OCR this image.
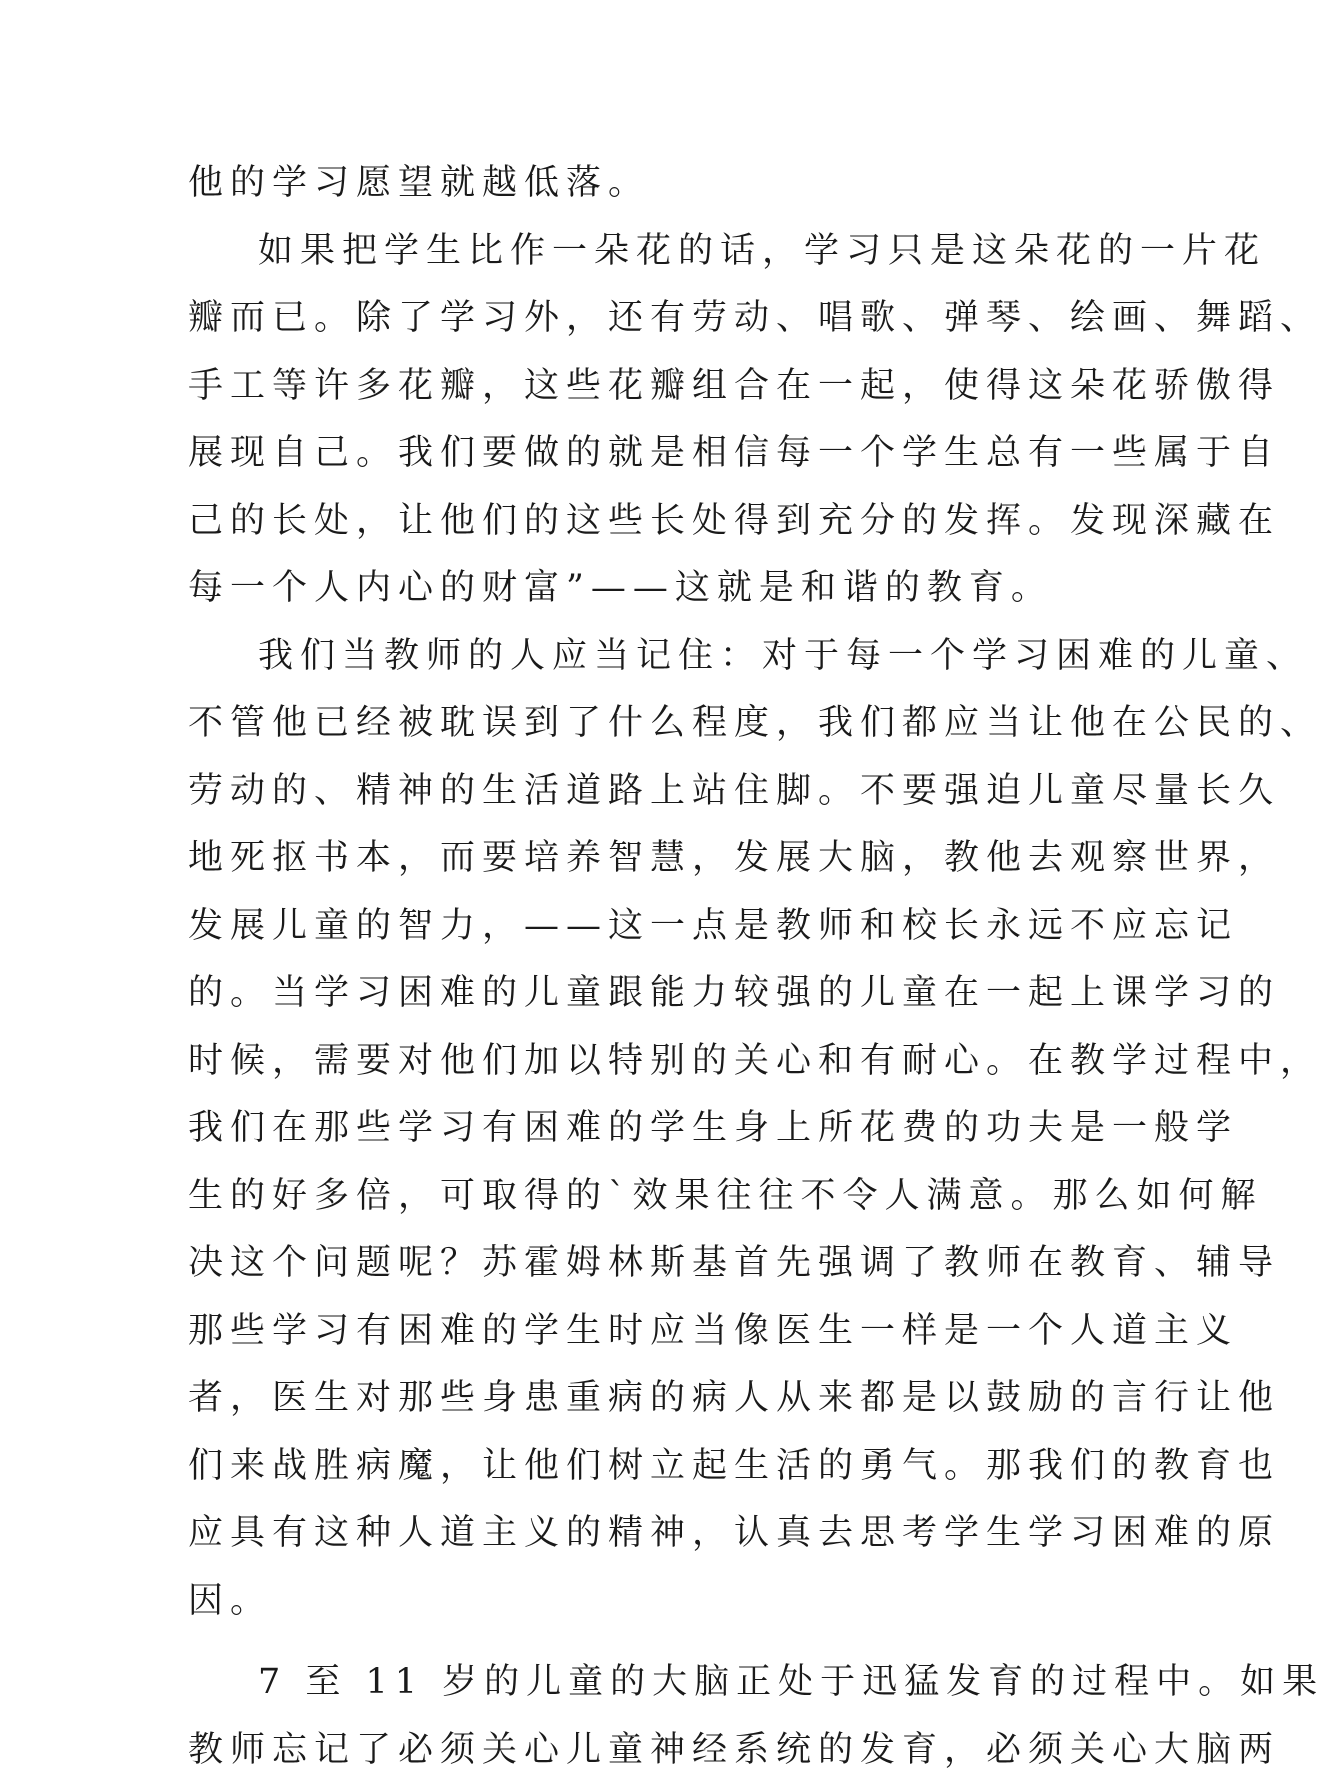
他的学习愿望就越低落。
如果把学生比作一朵花的话，学习只是这朵花的一片花
瓣而已。除了学习外，还有劳动、唱歌、弹琴、绘画、舞蹈、
手工等许多花瓣，这些花瓣组合在一起，使得这朵花骄傲得
展现自己。我们要做的就是相信每一个学生总有一些属于自
己的长处，让他们的这些长处得到充分的发挥。发现深藏在
每一个人内心的财富”——这就是和谐的教育。
我们当教师的人应当记住：对于每一个学习困难的儿童、
不管他已经被耽误到了什么程度，我们都应当让他在公民的、
劳动的、精神的生活道路上站住脚。不要强迫儿童尽量长久
地死抠书本，而要培养智慧，发展大脑，教他去观察世界，
发展儿童的智力，——这一点是教师和校长永远不应忘记
的。当学习困难的儿童跟能力较强的儿童在一起上课学习的
时候，需要对他们加以特别的关心和有耐心。在教学过程中，
我们在那些学习有困难的学生身上所花费的功夫是一般学
生的好多倍，可取得的`效果往往不令人满意。那么如何解
决这个问题呢？苏霍姆林斯基首先强调了教师在教育、辅导
那些学习有困难的学生时应当像医生一样是一个人道主义
者，医生对那些身患重病的病人从来都是以鼓励的言行让他
们来战胜病魔，让他们树立起生活的勇气。那我们的教育也
应具有这种人道主义的精神，认真去思考学生学习困难的原
因。
7 至 11 岁的儿童的大脑正处于迅猛发育的过程中。如果
教师忘记了必须关心儿童神经系统的发育，必须关心大脑两
